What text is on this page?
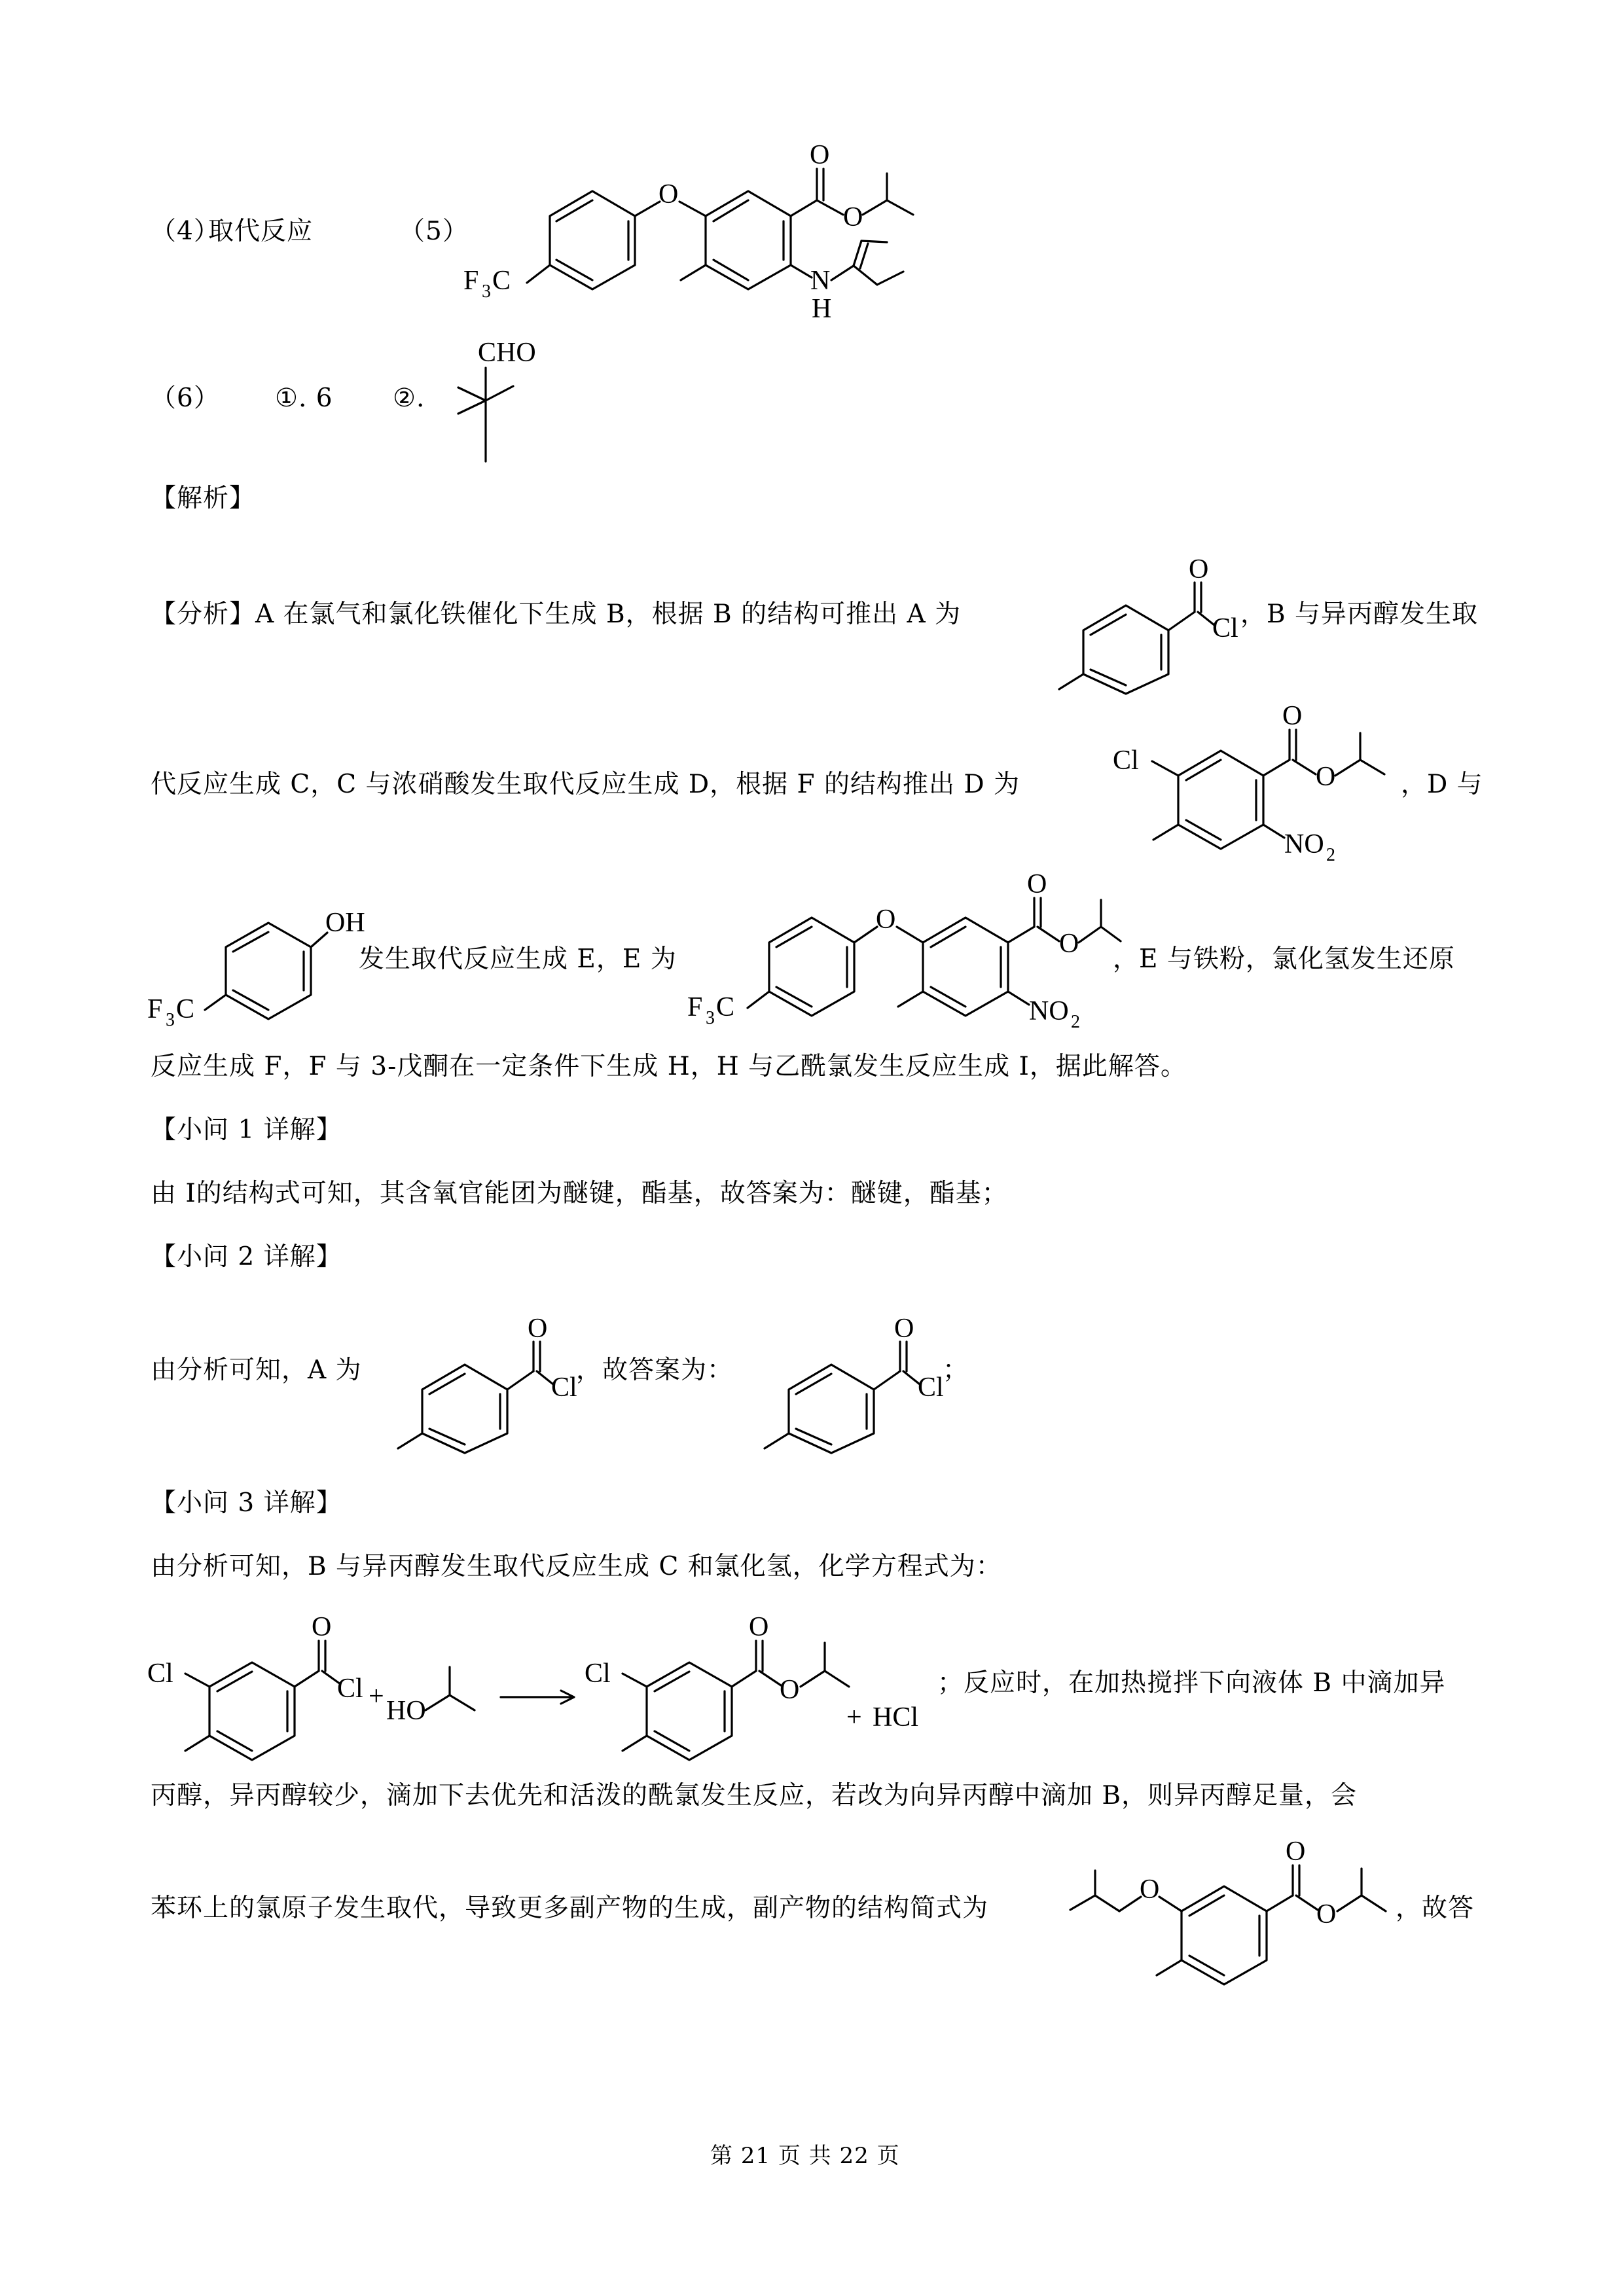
（4）
取代反应	（5）
F 3 C
O
O
O
N
H
（6） ①. 6 ②.
CHO
【解析】
【分析】A 在氯气和氯化铁催化下生成 B，根据 B 的结构可推出 A 为
O
Cl ，B 与异丙醇发生取
代反应生成 C，C 与浓硝酸发生取代反应生成 D，根据 F 的结构推出 D 为
Cl
O
O
NO 2
，D 与
OH
F 3 C
发生取代反应生成 E，E 为
F 3 C
O
O
O
NO 2
，E 与铁粉，氯化氢发生还原
反应生成 F，F 与 3-戊酮在一定条件下生成 H，H 与乙酰氯发生反应生成 I，据此解答。
【小问 1 详解】
由 I的结构式可知，其含氧官能团为醚键，酯基，故答案为：醚键，酯基；
【小问 2 详解】
由分析可知，A 为
O
Cl
，故答案为：
O
Cl
；
【小问 3 详解】
由分析可知，B 与异丙醇发生取代反应生成 C 和氯化氢，化学方程式为：
Cl
O
Cl + HO
Cl
O
O
+ HCl
；反应时，在加热搅拌下向液体 B 中滴加异
丙醇，异丙醇较少，滴加下去优先和活泼的酰氯发生反应，若改为向异丙醇中滴加 B，则异丙醇足量，会
苯环上的氯原子发生取代，导致更多副产物的生成，副产物的结构简式为
O
O
O ，故答
第 21 页 共 22 页
